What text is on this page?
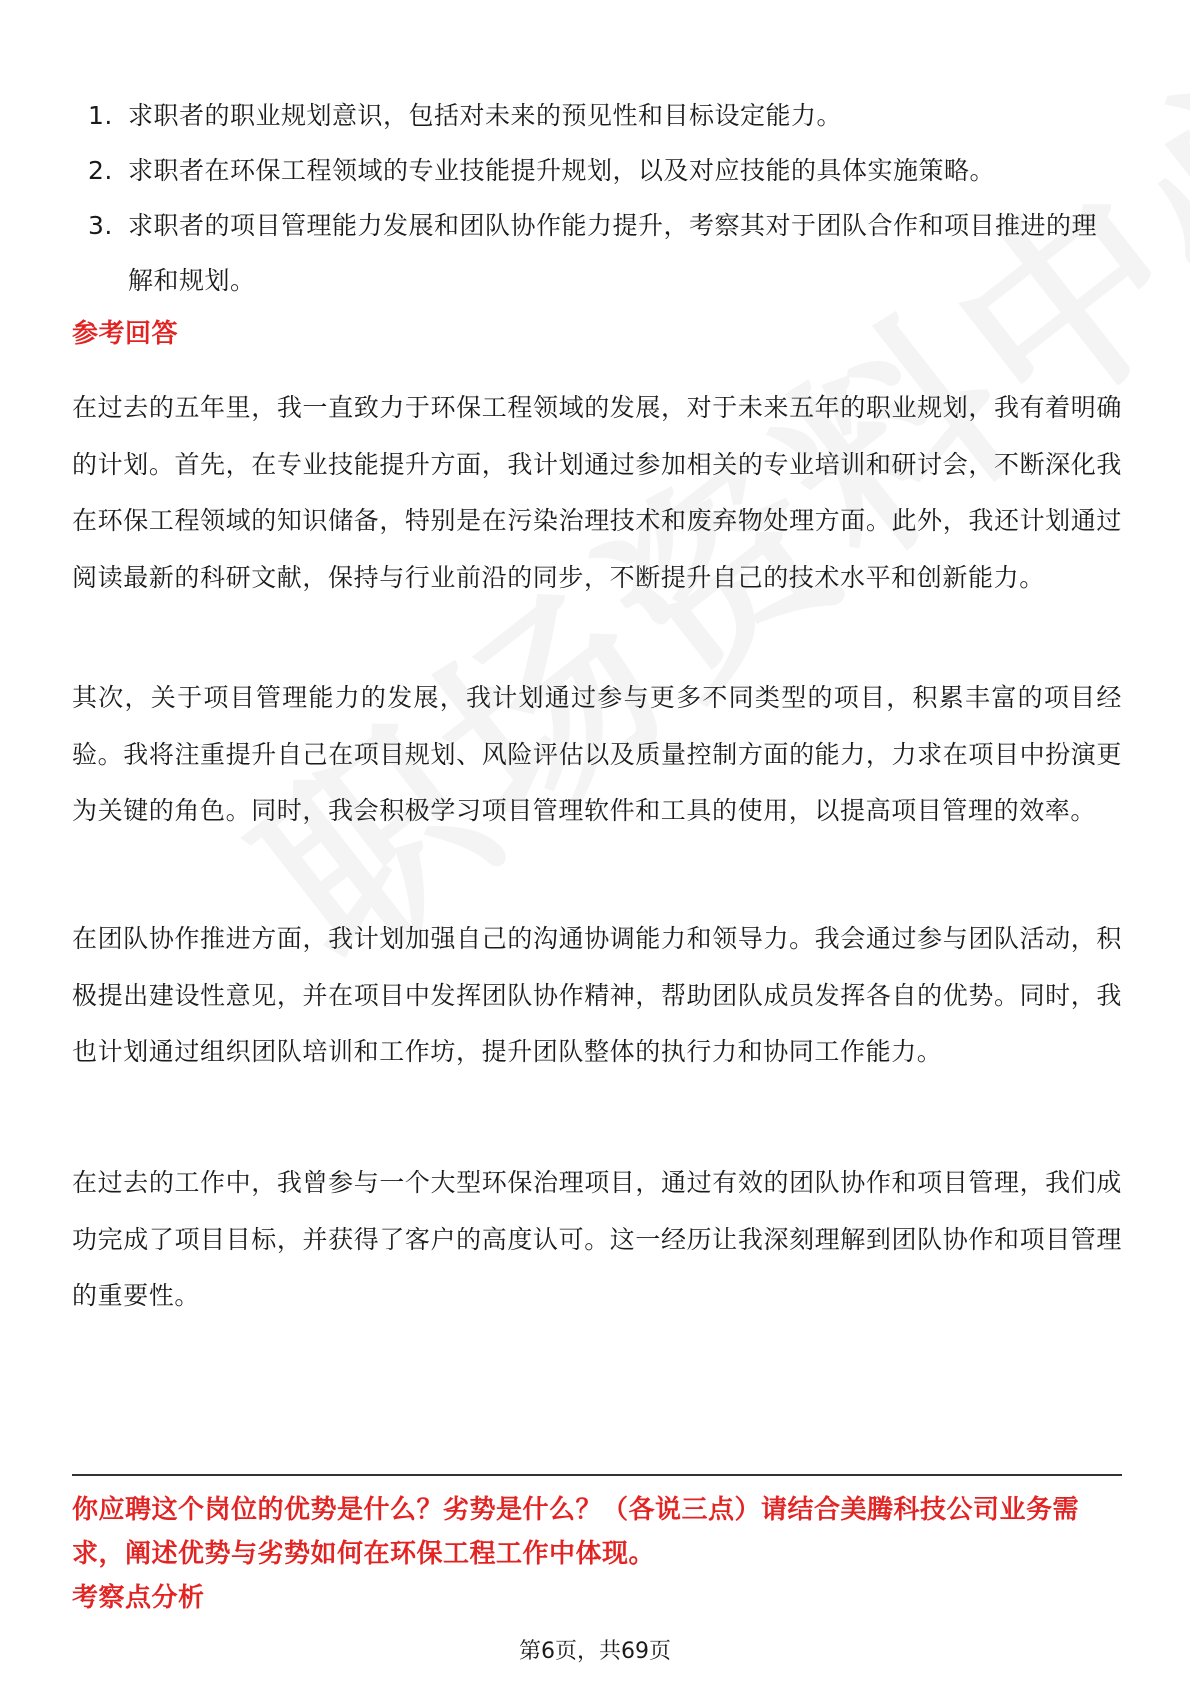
1. 求职者的职业规划意识，包括对未来的预见性和目标设定能力。
2. 求职者在环保工程领域的专业技能提升规划，以及对应技能的具体实施策略。
3. 求职者的项目管理能力发展和团队协作能力提升，考察其对于团队合作和项目推进的理解和规划。
参考回答

在过去的五年里，我一直致力于环保工程领域的发展，对于未来五年的职业规划，我有着明确的计划。首先，在专业技能提升方面，我计划通过参加相关的专业培训和研讨会，不断深化我在环保工程领域的知识储备，特别是在污染治理技术和废弃物处理方面。此外，我还计划通过阅读最新的科研文献，保持与行业前沿的同步，不断提升自己的技术水平和创新能力。

其次，关于项目管理能力的发展，我计划通过参与更多不同类型的项目，积累丰富的项目经验。我将注重提升自己在项目规划、风险评估以及质量控制方面的能力，力求在项目中扮演更为关键的角色。同时，我会积极学习项目管理软件和工具的使用，以提高项目管理的效率。

在团队协作推进方面，我计划加强自己的沟通协调能力和领导力。我会通过参与团队活动，积极提出建设性意见，并在项目中发挥团队协作精神，帮助团队成员发挥各自的优势。同时，我也计划通过组织团队培训和工作坊，提升团队整体的执行力和协同工作能力。

在过去的工作中，我曾参与一个大型环保治理项目，通过有效的团队协作和项目管理，我们成功完成了项目目标，并获得了客户的高度认可。这一经历让我深刻理解到团队协作和项目管理的重要性。

你应聘这个岗位的优势是什么？劣势是什么？（各说三点）请结合美腾科技公司业务需求，阐述优势与劣势如何在环保工程工作中体现。
考察点分析
第6页，共69页
